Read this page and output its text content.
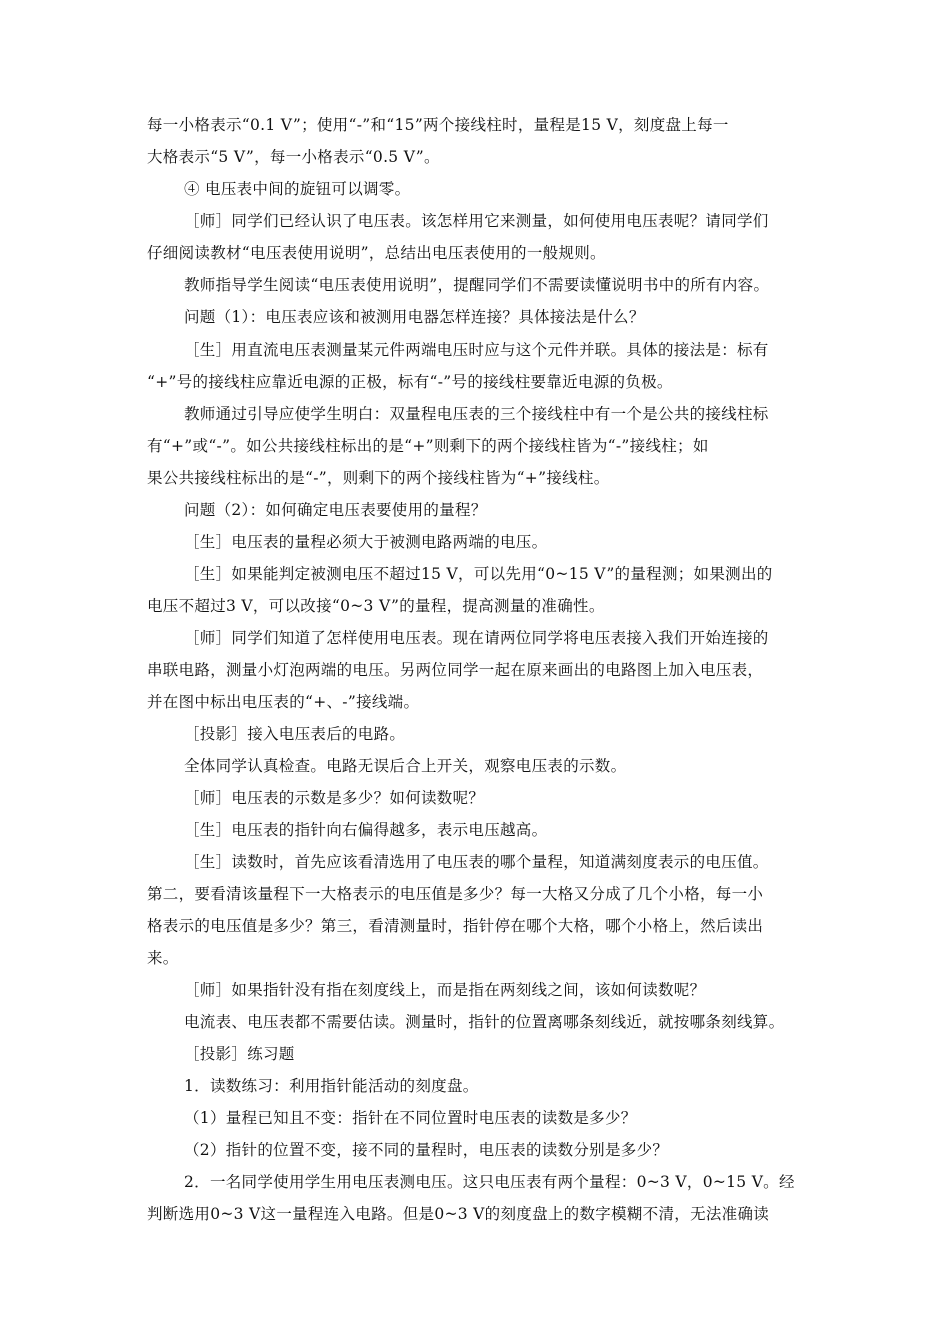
每一小格表示“0.1 V”；使用“-”和“15”两个接线柱时，量程是15 V，刻度盘上每一
大格表示“5 V”，每一小格表示“0.5 V”。
④ 电压表中间的旋钮可以调零。
［师］同学们已经认识了电压表。该怎样用它来测量，如何使用电压表呢？请同学们
仔细阅读教材“电压表使用说明”，总结出电压表使用的一般规则。
教师指导学生阅读“电压表使用说明”，提醒同学们不需要读懂说明书中的所有内容。
问题（1）：电压表应该和被测用电器怎样连接？具体接法是什么？
［生］用直流电压表测量某元件两端电压时应与这个元件并联。具体的接法是：标有
“+”号的接线柱应靠近电源的正极，标有“-”号的接线柱要靠近电源的负极。
教师通过引导应使学生明白：双量程电压表的三个接线柱中有一个是公共的接线柱标
有“+”或“-”。如公共接线柱标出的是“+”则剩下的两个接线柱皆为“-”接线柱；如
果公共接线柱标出的是“-”，则剩下的两个接线柱皆为“+”接线柱。
问题（2）：如何确定电压表要使用的量程？
［生］电压表的量程必须大于被测电路两端的电压。
［生］如果能判定被测电压不超过15 V，可以先用“0~15 V”的量程测；如果测出的
电压不超过3 V，可以改接“0~3 V”的量程，提高测量的准确性。
［师］同学们知道了怎样使用电压表。现在请两位同学将电压表接入我们开始连接的
串联电路，测量小灯泡两端的电压。另两位同学一起在原来画出的电路图上加入电压表，
并在图中标出电压表的“+、-”接线端。
［投影］接入电压表后的电路。
全体同学认真检查。电路无误后合上开关，观察电压表的示数。
［师］电压表的示数是多少？如何读数呢？
［生］电压表的指针向右偏得越多，表示电压越高。
［生］读数时，首先应该看清选用了电压表的哪个量程，知道满刻度表示的电压值。
第二，要看清该量程下一大格表示的电压值是多少？每一大格又分成了几个小格，每一小
格表示的电压值是多少？第三，看清测量时，指针停在哪个大格，哪个小格上，然后读出
来。
［师］如果指针没有指在刻度线上，而是指在两刻线之间，该如何读数呢？
电流表、电压表都不需要估读。测量时，指针的位置离哪条刻线近，就按哪条刻线算。
［投影］练习题
1．读数练习：利用指针能活动的刻度盘。
（1）量程已知且不变：指针在不同位置时电压表的读数是多少？
（2）指针的位置不变，接不同的量程时，电压表的读数分别是多少？
2．一名同学使用学生用电压表测电压。这只电压表有两个量程：0~3 V，0~15 V。经
判断选用0~3 V这一量程连入电路。但是0~3 V的刻度盘上的数字模糊不清，无法准确读
